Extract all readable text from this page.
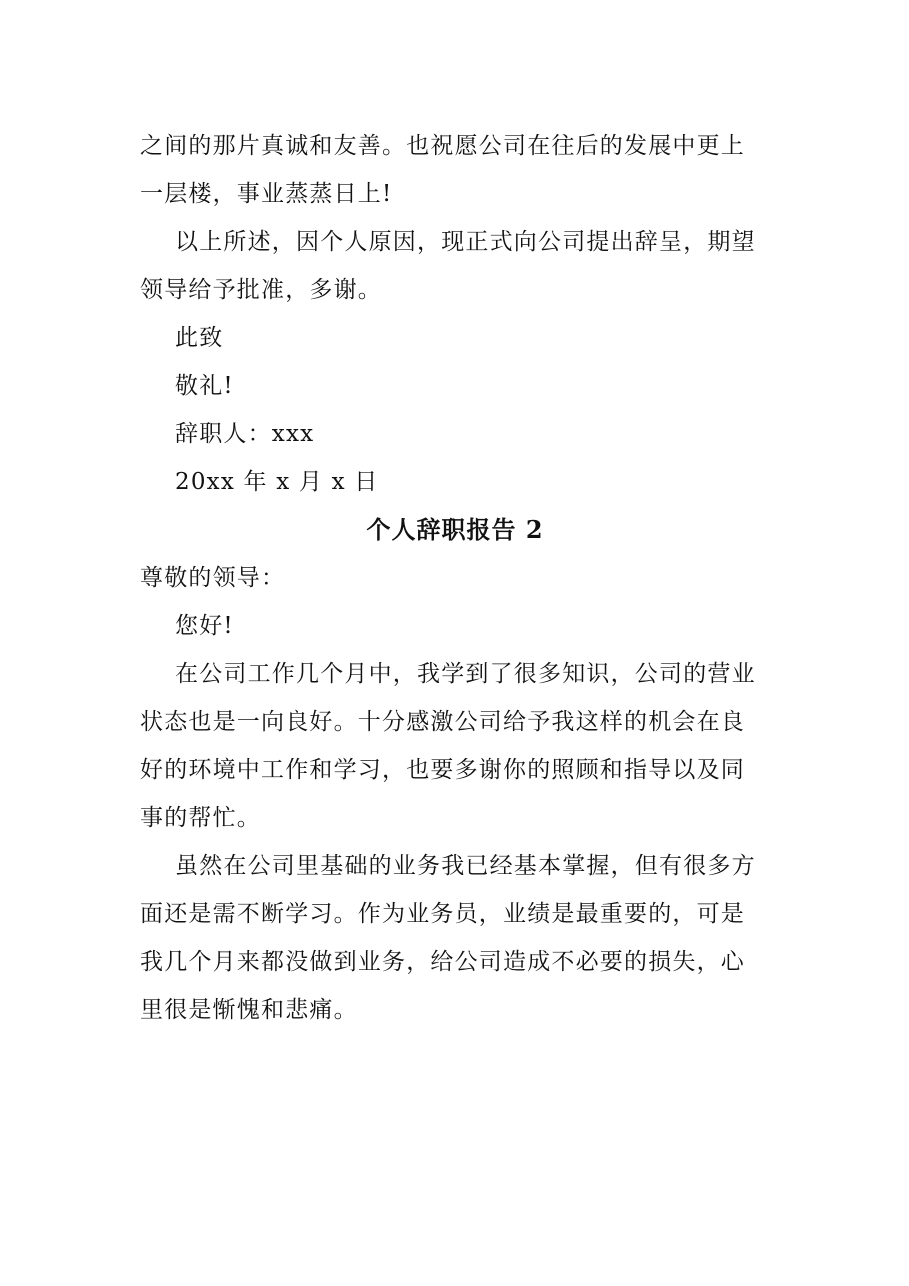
之间的那片真诚和友善。也祝愿公司在往后的发展中更上
一层楼，事业蒸蒸日上!
以上所述，因个人原因，现正式向公司提出辞呈，期望
领导给予批准，多谢。
此致
敬礼!
辞职人：xxx
20xx 年 x 月 x 日
个人辞职报告 2
尊敬的领导：
您好!
在公司工作几个月中，我学到了很多知识，公司的营业
状态也是一向良好。十分感激公司给予我这样的机会在良
好的环境中工作和学习，也要多谢你的照顾和指导以及同
事的帮忙。
虽然在公司里基础的业务我已经基本掌握，但有很多方
面还是需不断学习。作为业务员，业绩是最重要的，可是
我几个月来都没做到业务，给公司造成不必要的损失，心
里很是惭愧和悲痛。
